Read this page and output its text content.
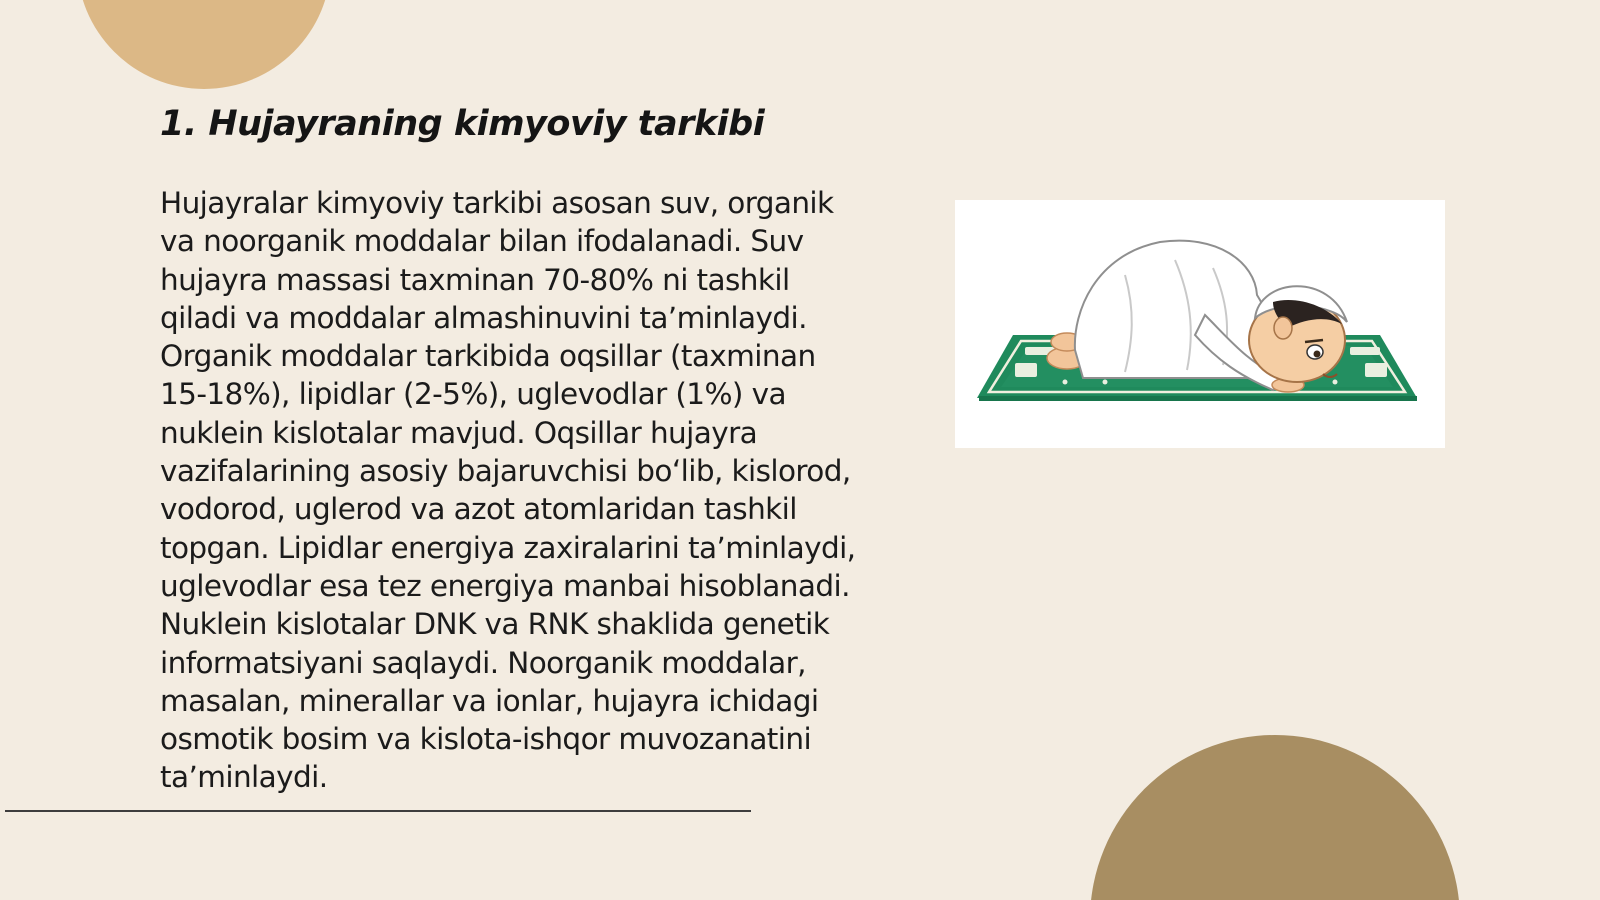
1. Hujayraning kimyoviy tarkibi

Hujayralar kimyoviy tarkibi asosan suv, organik va noorganik moddalar bilan ifodalanadi. Suv hujayra massasi taxminan 70-80% ni tashkil qiladi va moddalar almashinuvini ta’minlaydi. Organik moddalar tarkibida oqsillar (taxminan 15-18%), lipidlar (2-5%), uglevodlar (1%) va nuklein kislotalar mavjud. Oqsillar hujayra vazifalarining asosiy bajaruvchisi bo‘lib, kislorod, vodorod, uglerod va azot atomlaridan tashkil topgan. Lipidlar energiya zaxiralarini ta’minlaydi, uglevodlar esa tez energiya manbai hisoblanadi. Nuklein kislotalar DNK va RNK shaklida genetik informatsiyani saqlaydi. Noorganik moddalar, masalan, minerallar va ionlar, hujayra ichidagi osmotik bosim va kislota-ishqor muvozanatini ta’minlaydi.
